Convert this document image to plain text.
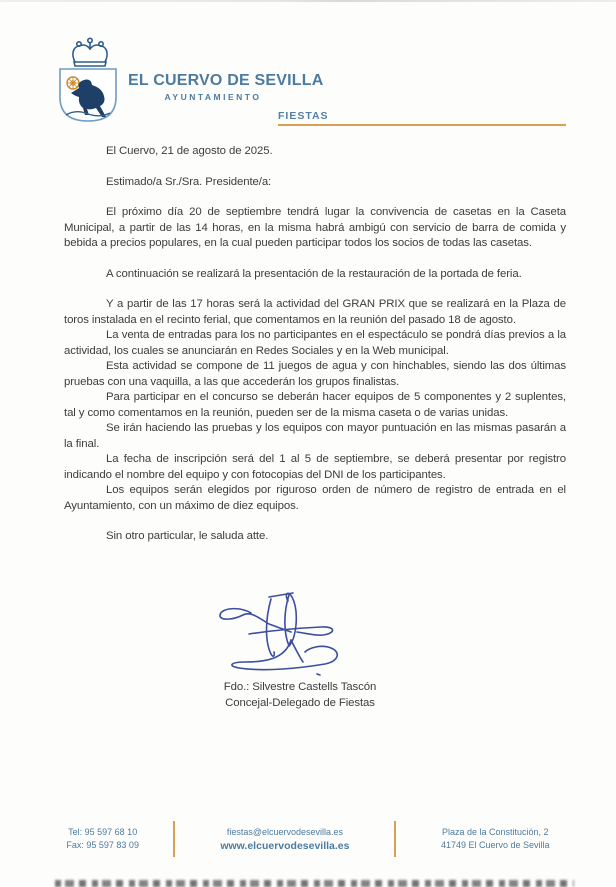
EL CUERVO DE SEVILLA
AYUNTAMIENTO
FIESTAS

El Cuervo, 21 de agosto de 2025.

Estimado/a Sr./Sra. Presidente/a:

El próximo día 20 de septiembre tendrá lugar la convivencia de casetas en la Caseta Municipal, a partir de las 14 horas, en la misma habrá ambigú con servicio de barra de comida y bebida a precios populares, en la cual pueden participar todos los socios de todas las casetas.

A continuación se realizará la presentación de la restauración de la portada de feria.

Y a partir de las 17 horas será la actividad del GRAN PRIX que se realizará en la Plaza de toros instalada en el recinto ferial, que comentamos en la reunión del pasado 18 de agosto.

La venta de entradas para los no participantes en el espectáculo se pondrá días previos a la actividad, los cuales se anunciarán en Redes Sociales y en la Web municipal.

Esta actividad se compone de 11 juegos de agua y con hinchables, siendo las dos últimas pruebas con una vaquilla, a las que accederán los grupos finalistas.

Para participar en el concurso se deberán hacer equipos de 5 componentes y 2 suplentes, tal y como comentamos en la reunión, pueden ser de la misma caseta o de varias unidas.

Se irán haciendo las pruebas y los equipos con mayor puntuación en las mismas pasarán a la final.

La fecha de inscripción será del 1 al 5 de septiembre, se deberá presentar por registro indicando el nombre del equipo y con fotocopias del DNI de los participantes.

Los equipos serán elegidos por riguroso orden de número de registro de entrada en el Ayuntamiento, con un máximo de diez equipos.

Sin otro particular, le saluda atte.

Fdo.: Silvestre Castells Tascón
Concejal-Delegado de Fiestas
Tel: 95 597 68 10
Fax: 95 597 83 09
fiestas@elcuervodesevilla.es
www.elcuervodesevilla.es
Plaza de la Constitución, 2
41749 El Cuervo de Sevilla
